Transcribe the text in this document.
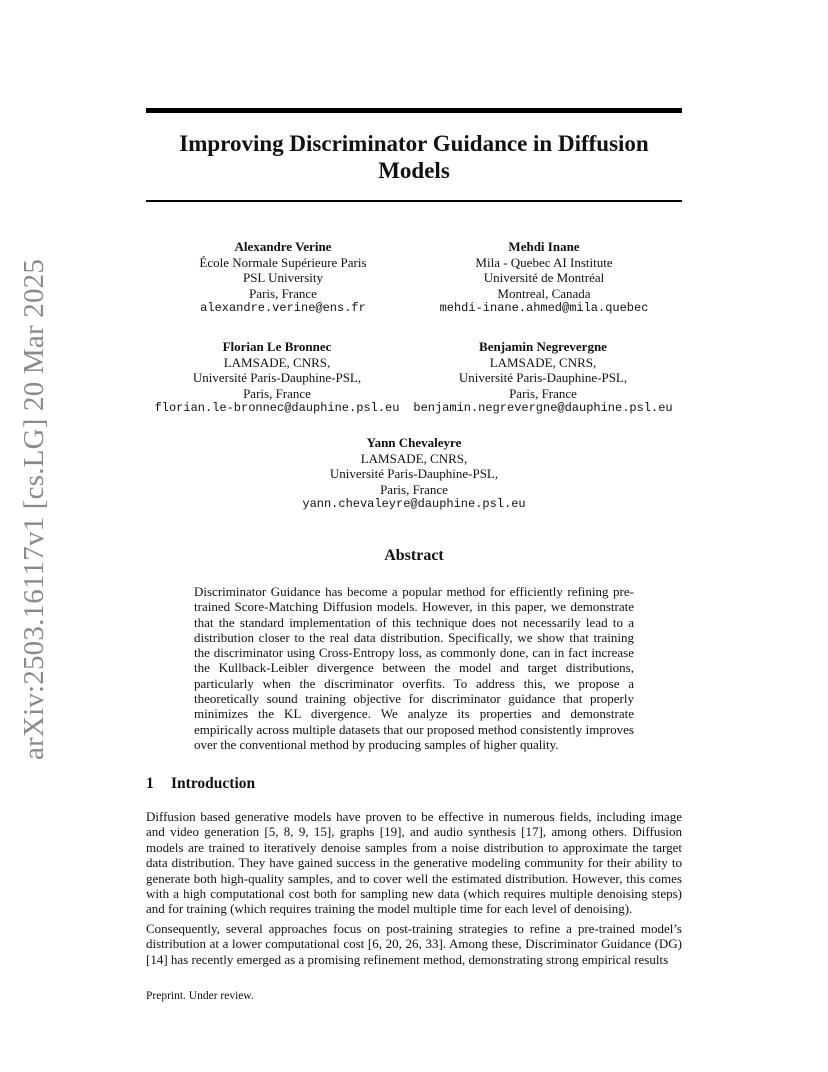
arXiv:2503.16117v1 [cs.LG] 20 Mar 2025
Improving Discriminator Guidance in Diffusion Models
Alexandre Verine
École Normale Supérieure Paris
PSL University
Paris, France
alexandre.verine@ens.fr
Mehdi Inane
Mila - Quebec AI Institute
Université de Montréal
Montreal, Canada
mehdi-inane.ahmed@mila.quebec
Florian Le Bronnec
LAMSADE, CNRS,
Université Paris-Dauphine-PSL,
Paris, France
florian.le-bronnec@dauphine.psl.eu
Benjamin Negrevergne
LAMSADE, CNRS,
Université Paris-Dauphine-PSL,
Paris, France
benjamin.negrevergne@dauphine.psl.eu
Yann Chevaleyre
LAMSADE, CNRS,
Université Paris-Dauphine-PSL,
Paris, France
yann.chevaleyre@dauphine.psl.eu
Abstract
Discriminator Guidance has become a popular method for efficiently refining pre-trained Score-Matching Diffusion models. However, in this paper, we demonstrate that the standard implementation of this technique does not necessarily lead to a distribution closer to the real data distribution. Specifically, we show that training the discriminator using Cross-Entropy loss, as commonly done, can in fact increase the Kullback-Leibler divergence between the model and target distributions, particularly when the discriminator overfits. To address this, we propose a theoretically sound training objective for discriminator guidance that properly minimizes the KL divergence. We analyze its properties and demonstrate empirically across multiple datasets that our proposed method consistently improves over the conventional method by producing samples of higher quality.
1 Introduction
Diffusion based generative models have proven to be effective in numerous fields, including image and video generation [5, 8, 9, 15], graphs [19], and audio synthesis [17], among others. Diffusion models are trained to iteratively denoise samples from a noise distribution to approximate the target data distribution. They have gained success in the generative modeling community for their ability to generate both high-quality samples, and to cover well the estimated distribution. However, this comes with a high computational cost both for sampling new data (which requires multiple denoising steps) and for training (which requires training the model multiple time for each level of denoising).
Consequently, several approaches focus on post-training strategies to refine a pre-trained model’s distribution at a lower computational cost [6, 20, 26, 33]. Among these, Discriminator Guidance (DG) [14] has recently emerged as a promising refinement method, demonstrating strong empirical results
Preprint. Under review.
